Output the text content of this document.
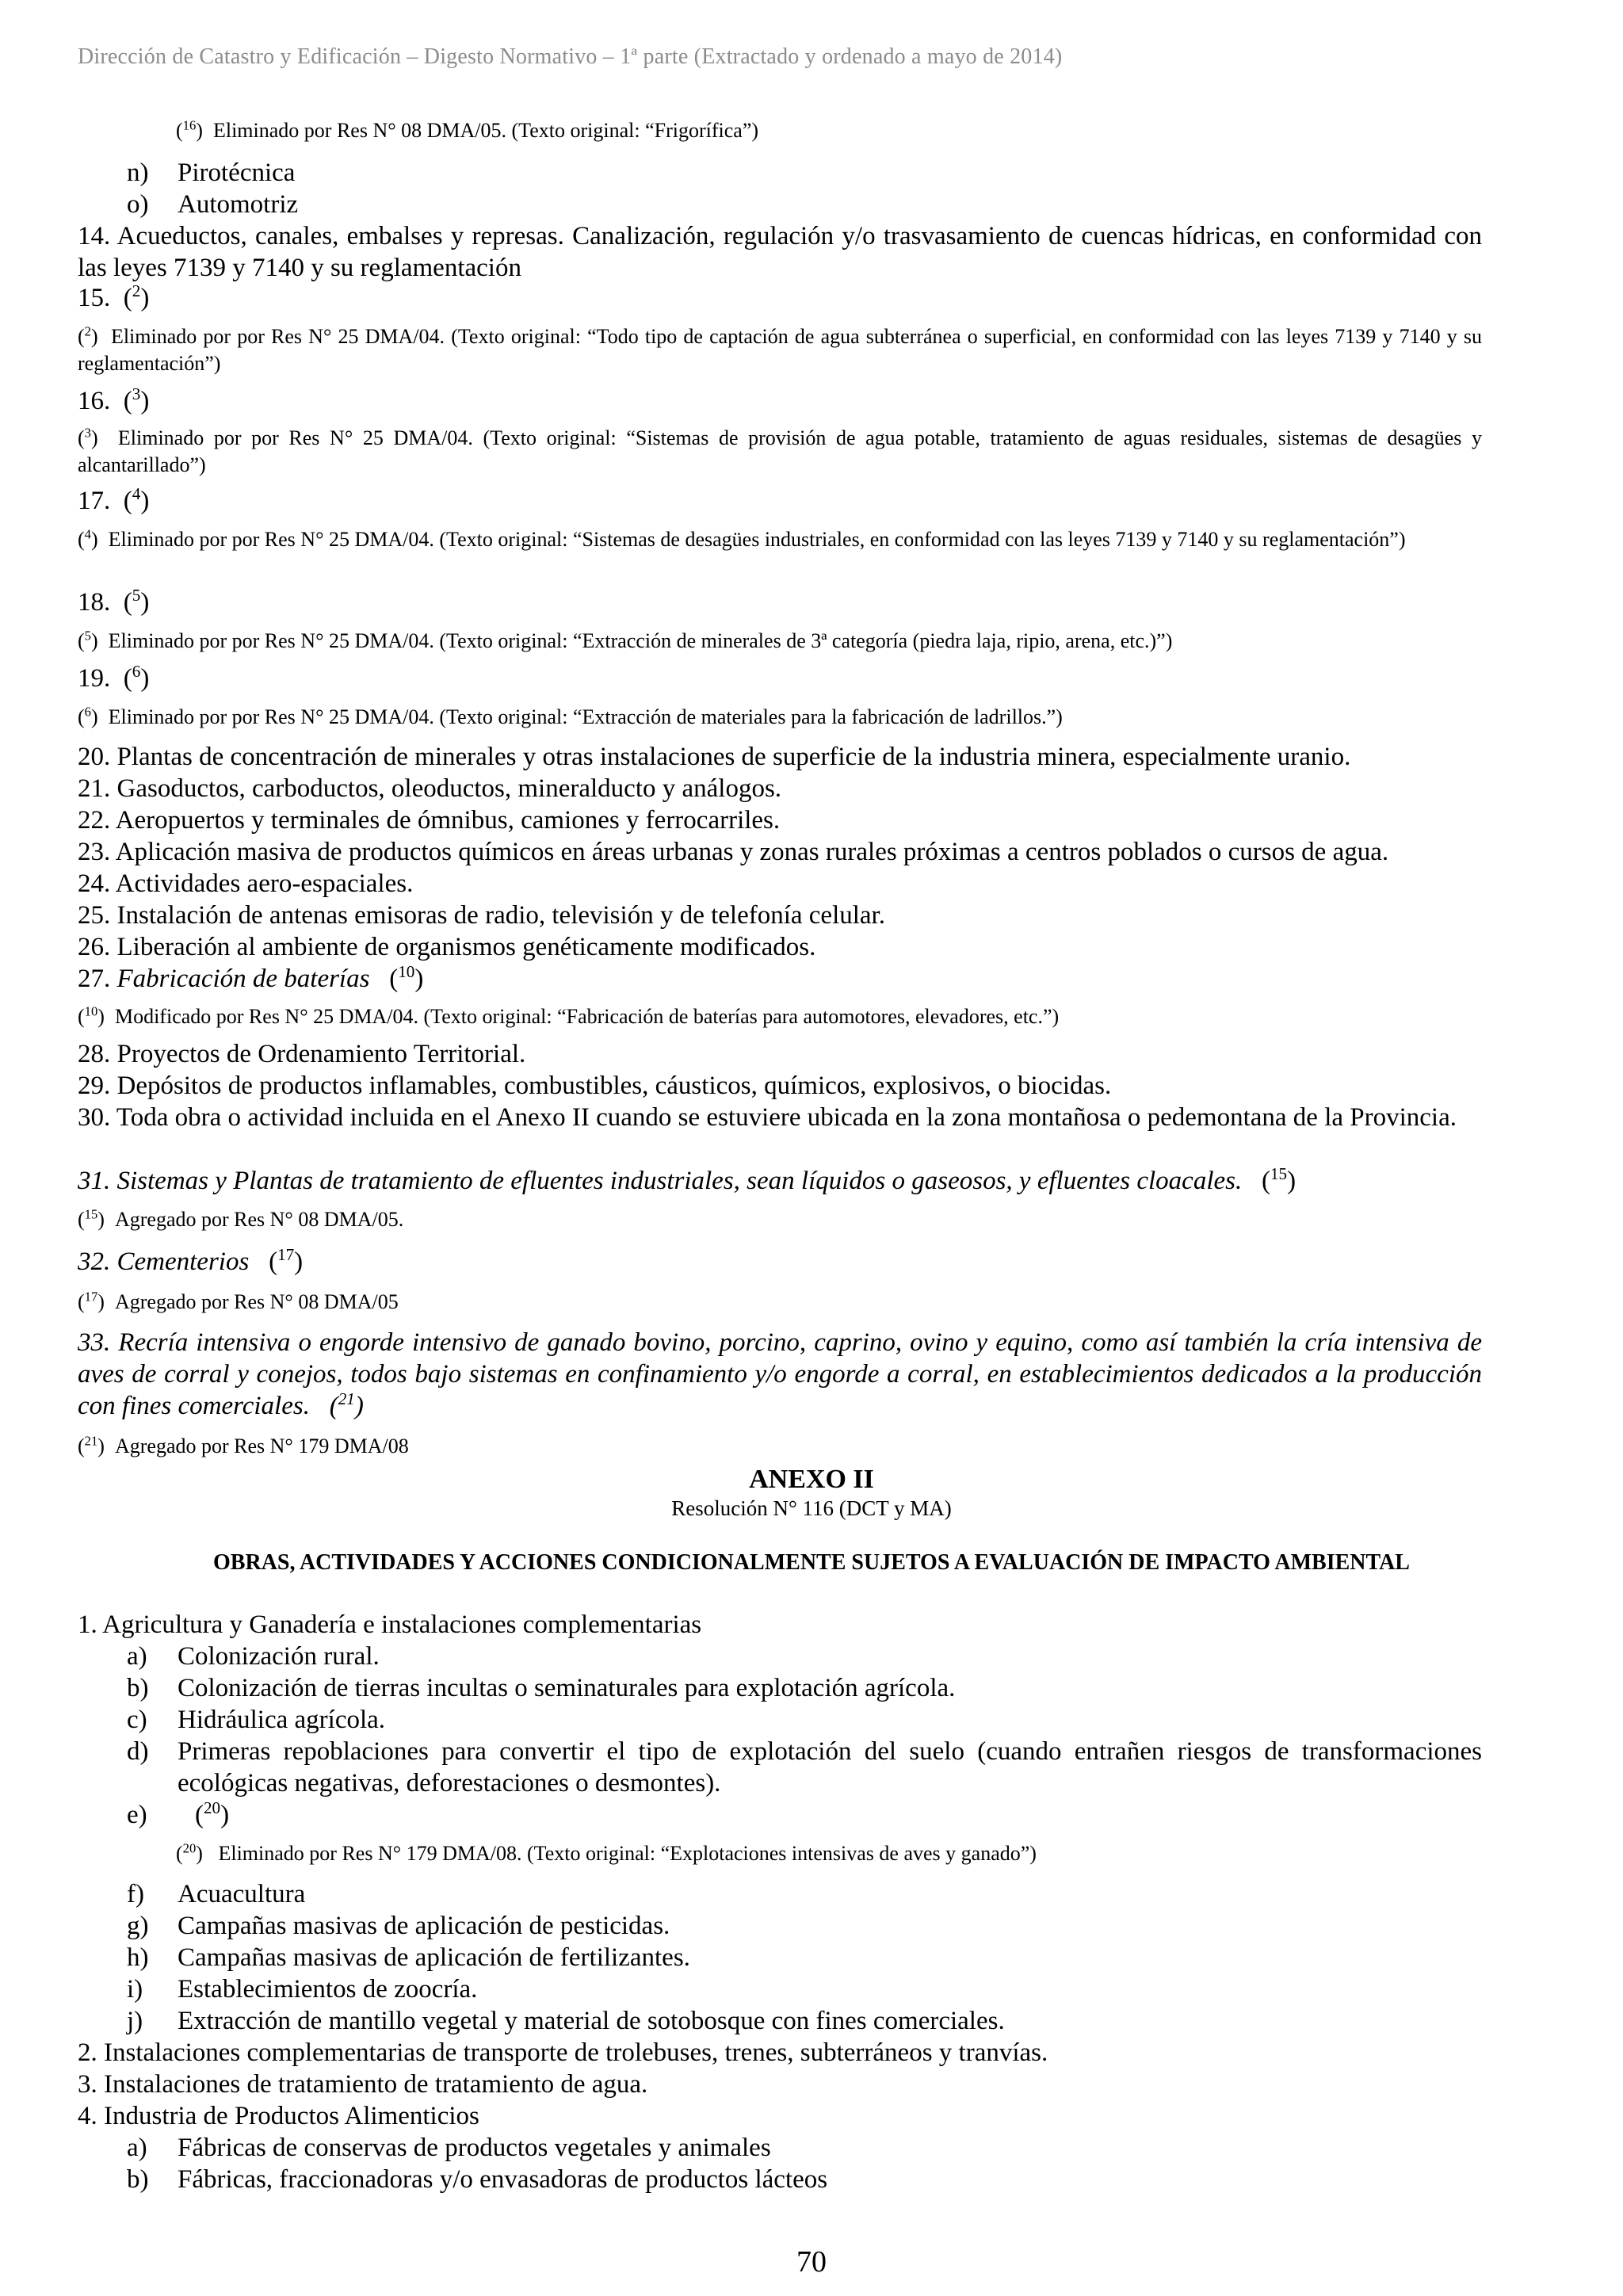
Dirección de Catastro y Edificación – Digesto Normativo – 1ª parte (Extractado y ordenado a mayo de 2014)
($^{16}$)  Eliminado por Res N° 08 DMA/05. (Texto original: “Frigorífica”)
n) Pirotécnica
o) Automotriz
14. Acueductos, canales, embalses y represas. Canalización, regulación y/o trasvasamiento de cuencas hídricas, en conformidad con las leyes 7139 y 7140 y su reglamentación
15.  ($^2$)
($^2$)  Eliminado por por Res N° 25 DMA/04. (Texto original: “Todo tipo de captación de agua subterránea o superficial, en conformidad con las leyes 7139 y 7140 y su reglamentación”)
16.  ($^3$)
($^3$)  Eliminado por por Res N° 25 DMA/04. (Texto original: “Sistemas de provisión de agua potable, tratamiento de aguas residuales, sistemas de desagües y alcantarillado”)
17.  ($^4$)
($^4$)  Eliminado por por Res N° 25 DMA/04. (Texto original: “Sistemas de desagües industriales, en conformidad con las leyes 7139 y 7140 y su reglamentación”)
18.  ($^5$)
($^5$)  Eliminado por por Res N° 25 DMA/04. (Texto original: “Extracción de minerales de 3ª categoría (piedra laja, ripio, arena, etc.)”)
19.  ($^6$)
($^6$)  Eliminado por por Res N° 25 DMA/04. (Texto original: “Extracción de materiales para la fabricación de ladrillos.”)
20. Plantas de concentración de minerales y otras instalaciones de superficie de la industria minera, especialmente uranio.
21. Gasoductos, carboductos, oleoductos, mineralducto y análogos.
22. Aeropuertos y terminales de ómnibus, camiones y ferrocarriles.
23. Aplicación masiva de productos químicos en áreas urbanas y zonas rurales próximas a centros poblados o cursos de agua.
24. Actividades aero-espaciales.
25. Instalación de antenas emisoras de radio, televisión y de telefonía celular.
26. Liberación al ambiente de organismos genéticamente modificados.
27. Fabricación de baterías   ($^{10}$)
($^{10}$)  Modificado por Res N° 25 DMA/04. (Texto original: “Fabricación de baterías para automotores, elevadores, etc.”)
28. Proyectos de Ordenamiento Territorial.
29. Depósitos de productos inflamables, combustibles, cáusticos, químicos, explosivos, o biocidas.
30. Toda obra o actividad incluida en el Anexo II cuando se estuviere ubicada en la zona montañosa o pedemontana de la Provincia.
31. Sistemas y Plantas de tratamiento de efluentes industriales, sean líquidos o gaseosos, y efluentes cloacales.   ($^{15}$)
($^{15}$)  Agregado por Res N° 08 DMA/05.
32. Cementerios   ($^{17}$)
($^{17}$)  Agregado por Res N° 08 DMA/05
33. Recría intensiva o engorde intensivo de ganado bovino, porcino, caprino, ovino y equino, como así también la cría intensiva de aves de corral y conejos, todos bajo sistemas en confinamiento y/o engorde a corral, en establecimientos dedicados a la producción con fines comerciales.   ($^{21}$)
($^{21}$)  Agregado por Res N° 179 DMA/08
ANEXO II
Resolución N° 116 (DCT y MA)
OBRAS, ACTIVIDADES Y ACCIONES CONDICIONALMENTE SUJETOS A EVALUACIÓN DE IMPACTO AMBIENTAL
1. Agricultura y Ganadería e instalaciones complementarias
a) Colonización rural.
b) Colonización de tierras incultas o seminaturales para explotación agrícola.
c) Hidráulica agrícola.
d)	Primeras repoblaciones para convertir el tipo de explotación del suelo (cuando entrañen riesgos de transformaciones ecológicas negativas, deforestaciones o desmontes).
e) ($^{20}$)
($^{20}$)   Eliminado por Res N° 179 DMA/08. (Texto original: “Explotaciones intensivas de aves y ganado”)
f) Acuacultura
g) Campañas masivas de aplicación de pesticidas.
h) Campañas masivas de aplicación de fertilizantes.
i) Establecimientos de zoocría.
j) Extracción de mantillo vegetal y material de sotobosque con fines comerciales.
2. Instalaciones complementarias de transporte de trolebuses, trenes, subterráneos y tranvías.
3. Instalaciones de tratamiento de tratamiento de agua.
4. Industria de Productos Alimenticios
a) Fábricas de conservas de productos vegetales y animales
b) Fábricas, fraccionadoras y/o envasadoras de productos lácteos
70
